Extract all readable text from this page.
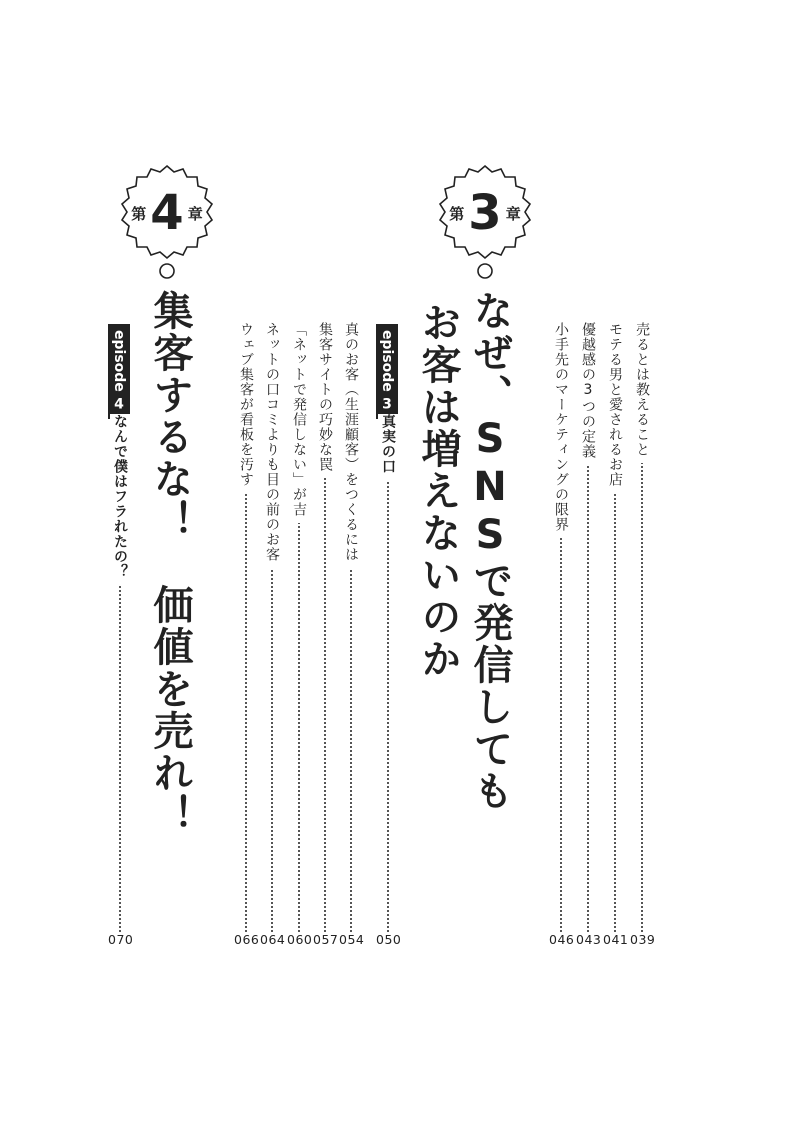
第 3 章
第 4 章
なぜ、SNSで発信しても
お客は増えないのか
集客するな！　価値を売れ！	売るとは教えること
039
モテる男と愛されるお店
041
優越感の3つの定義
043
小手先のマーケティングの限界
046
episode 3
真実の口
050
真のお客（生涯顧客）をつくるには
054
集客サイトの巧妙な罠
057
「ネットで発信しない」が吉
060
ネットの口コミよりも目の前のお客
064
ウェブ集客が看板を汚す
066
episode 4
なんで僕はフラれたの？
070
